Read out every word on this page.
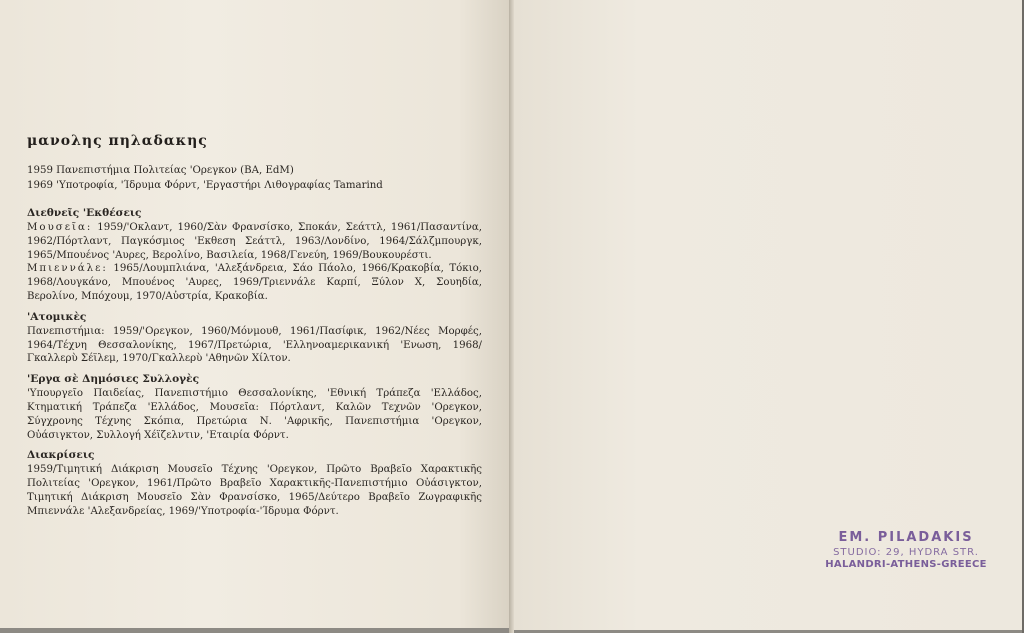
μανολης πηλαδακης
1959 Πανεπιστήμια Πολιτείας 'Ορεγκον (BA, EdM)
1969 'Υποτροφία, 'Ίδρυμα Φόρντ, 'Εργαστήρι Λιθογραφίας Tamarind
Διεθνεῖς 'Εκθέσεις
Μουσεῖα: 1959/'Οκλαντ, 1960/Σὰν Φρανσίσκο, Σποκάν, Σεάττλ, 1961/Πασαντίνα, 1962/Πόρτλαντ, Παγκόσμιος 'Εκθεση Σεάττλ, 1963/Λονδίνο, 1964/Σάλζμπουργκ, 1965/Μπουένος 'Αυρες, Βερολίνο, Βασιλεία, 1968/Γενεύη, 1969/Βουκουρέστι.
Μπιεννάλε: 1965/Λουμπλιάνα, 'Αλεξάνδρεια, Σάο Πάολο, 1966/Κρακοβία, Τόκιο, 1968/Λουγκάνο, Μπουένος 'Αυρες, 1969/Τριεννάλε Καρπί, Ξύλον Χ, Σουηδία, Βερολίνο, Μπόχουμ, 1970/Αὐστρία, Κρακοβία.
'Ατομικὲς
Πανεπιστήμια: 1959/'Ορεγκον, 1960/Μόνμουθ, 1961/Πασίφικ, 1962/Νέες Μορφές, 1964/Τέχνη Θεσσαλονίκης, 1967/Πρετώρια, 'Ελληνοαμερικανική 'Ενωση, 1968/Γκαλλερὺ Σέϊλεμ, 1970/Γκαλλερὺ 'Αθηνῶν Χίλτον.
'Εργα σὲ Δημόσιες Συλλογὲς
'Υπουργεῖο Παιδείας, Πανεπιστήμιο Θεσσαλονίκης, 'Εθνική Τράπεζα 'Ελλάδος, Κτηματική Τράπεζα 'Ελλάδος, Μουσεῖα: Πόρτλαντ, Καλῶν Τεχνῶν 'Ορεγκον, Σύγχρονης Τέχνης Σκόπια, Πρετώρια Ν. 'Αφρικῆς, Πανεπιστήμια 'Ορεγκον, Οὐάσιγκτον, Συλλογή Χέϊζελντιν, 'Εταιρία Φόρντ.
Διακρίσεις
1959/Τιμητική Διάκριση Μουσεῖο Τέχνης 'Ορεγκον, Πρῶτο Βραβεῖο Χαρακτικῆς Πολιτείας 'Ορεγκον, 1961/Πρῶτο Βραβεῖο Χαρακτικῆς-Πανεπιστήμιο Οὐάσιγκτον, Τιμητική Διάκριση Μουσεῖο Σὰν Φρανσίσκο, 1965/Δεύτερο Βραβεῖο Ζωγραφικῆς Μπιεννάλε 'Αλεξανδρείας, 1969/'Υποτροφία-'Ίδρυμα Φόρντ.
EM. PILADAKIS
STUDIO: 29, HYDRA STR.
HALANDRI-ATHENS-GREECE
